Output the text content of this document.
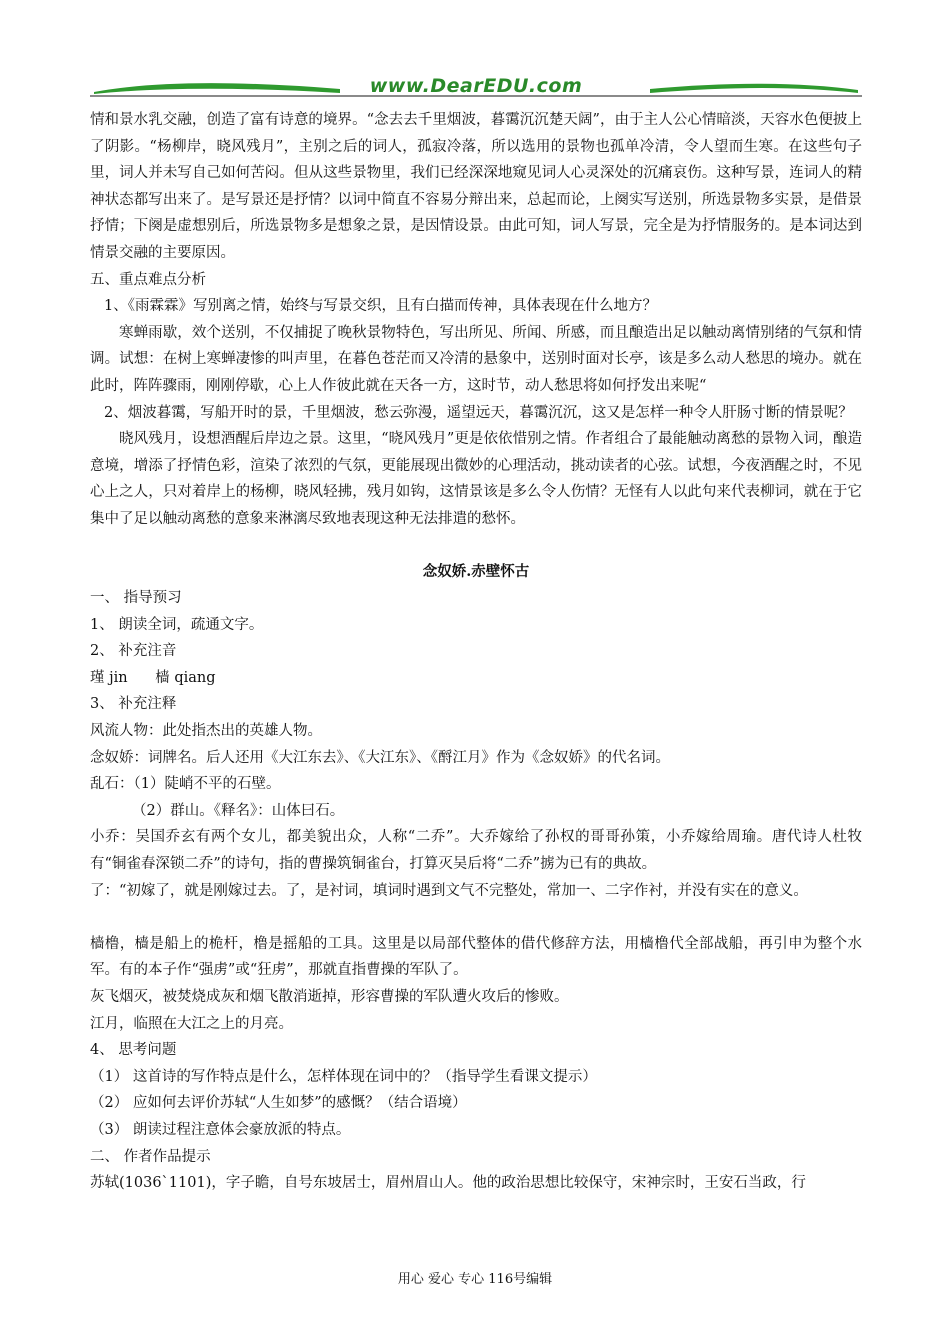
www.DearEDU.com

情和景水乳交融，创造了富有诗意的境界。“念去去千里烟波，暮霭沉沉楚天阔”，由于主人公心情暗淡，天容水色便披上了阴影。“杨柳岸，晓风残月”，主别之后的词人，孤寂冷落，所以选用的景物也孤单冷清，令人望而生寒。在这些句子里，词人并未写自己如何苦闷。但从这些景物里，我们已经深深地窥见词人心灵深处的沉痛哀伤。这种写景，连词人的精神状态都写出来了。是写景还是抒情？以词中简直不容易分辩出来，总起而论，上阕实写送别，所选景物多实景，是借景抒情；下阕是虚想别后，所选景物多是想象之景，是因情设景。由此可知，词人写景，完全是为抒情服务的。是本词达到情景交融的主要原因。

五、重点难点分析

1、《雨霖霖》写别离之情，始终与写景交织，且有白描而传神，具体表现在什么地方？

寒蝉雨歇，效个送别，不仅捕捉了晚秋景物特色，写出所见、所闻、所感，而且酿造出足以触动离情别绪的气氛和情调。试想：在树上寒蝉凄惨的叫声里，在暮色苍茫而又冷清的悬象中，送别时面对长亭，该是多么动人愁思的境办。就在此时，阵阵骤雨，刚刚停歇，心上人作彼此就在天各一方，这时节，动人愁思将如何抒发出来呢“

2、烟波暮霭，写船开时的景，千里烟波，愁云弥漫，遥望远天，暮霭沉沉，这又是怎样一种令人肝肠寸断的情景呢？

晓风残月，设想酒醒后岸边之景。这里，“晓风残月”更是依依惜别之情。作者组合了最能触动离愁的景物入词，酿造意境，增添了抒情色彩，渲染了浓烈的气氛，更能展现出微妙的心理活动，挑动读者的心弦。试想，今夜酒醒之时，不见心上之人，只对着岸上的杨柳，晓风轻拂，残月如钩，这情景该是多么令人伤情？无怪有人以此句来代表柳词，就在于它集中了足以触动离愁的意象来淋漓尽致地表现这种无法排遣的愁怀。

念奴娇.赤壁怀古

一、 指导预习

1、 朗读全词，疏通文字。

2、 补充注音

瑾 jin      樯 qiang

3、 补充注释

风流人物：此处指杰出的英雄人物。

念奴娇：词牌名。后人还用《大江东去》、《大江东》、《酹江月》作为《念奴娇》的代名词。

乱石：（1）陡峭不平的石壁。

（2）群山。《释名》：山体曰石。

小乔：吴国乔玄有两个女儿，都美貌出众，人称“二乔”。大乔嫁给了孙权的哥哥孙策，小乔嫁给周瑜。唐代诗人杜牧有“铜雀春深锁二乔”的诗句，指的曹操筑铜雀台，打算灭吴后将“二乔”掳为已有的典故。

了：“初嫁了，就是刚嫁过去。了，是衬词，填词时遇到文气不完整处，常加一、二字作衬，并没有实在的意义。

樯橹，樯是船上的桅杆，橹是摇船的工具。这里是以局部代整体的借代修辞方法，用樯橹代全部战船，再引申为整个水军。有的本子作“强虏”或“狂虏”，那就直指曹操的军队了。

灰飞烟灭，被焚烧成灰和烟飞散消逝掉，形容曹操的军队遭火攻后的惨败。

江月，临照在大江之上的月亮。

4、 思考问题

（1） 这首诗的写作特点是什么，怎样体现在词中的？（指导学生看课文提示）

（2） 应如何去评价苏轼“人生如梦”的感慨？（结合语境）

（3） 朗读过程注意体会豪放派的特点。

二、 作者作品提示

苏轼(1036`1101)，字子瞻，自号东坡居士，眉州眉山人。他的政治思想比较保守，宋神宗时，王安石当政，行

用心 爱心 专心 116号编辑
